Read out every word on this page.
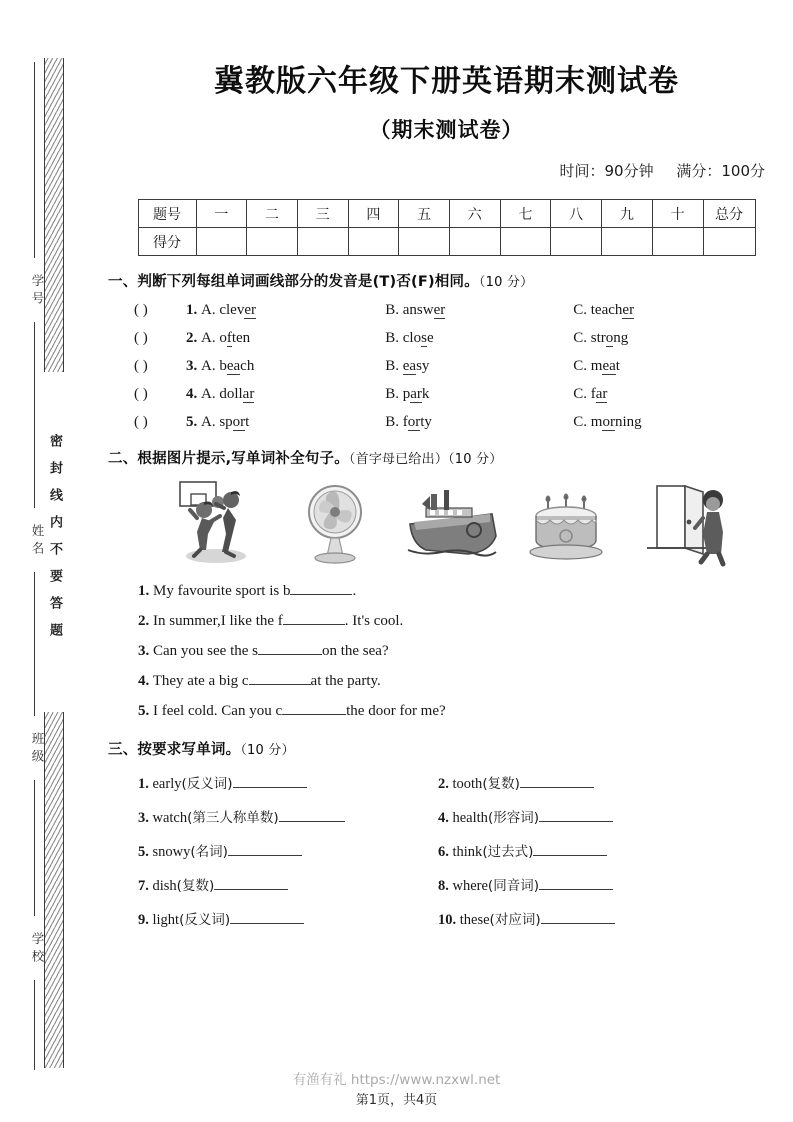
密封线内不要答题
学号
姓名
班级
学校
冀教版六年级下册英语期末测试卷
（期末测试卷）
时间：90分钟 满分：100分
题号	一	二	三	四	五	六	七	八	九	十	总分
得分											
一、判断下列每组单词画线部分的发音是(T)否(F)相同。（10 分）
( )	1. A. clever	B. answer	C. teacher
( )	2. A. often	B. close	C. strong
( )	3. A. beach	B. easy	C. meat
( )	4. A. dollar	B. park	C. far
( )	5. A. sport	B. forty	C. morning
二、根据图片提示,写单词补全句子。（首字母已给出）（10 分）
1. My favourite sport is b	.
2. In summer,I like the f	. It's cool.
3. Can you see the s	on the sea?
4. They ate a big c	at the party.
5. I feel cold. Can you c	the door for me?
三、按要求写单词。（10 分）
1. early(反义词)	2. tooth(复数)
3. watch(第三人称单数)	4. health(形容词)
5. snowy(名词)	6. think(过去式)
7. dish(复数)	8. where(同音词)
9. light(反义词)	10. these(对应词)
有渔有礼 https://www.nzxwl.net
第1页，共4页
